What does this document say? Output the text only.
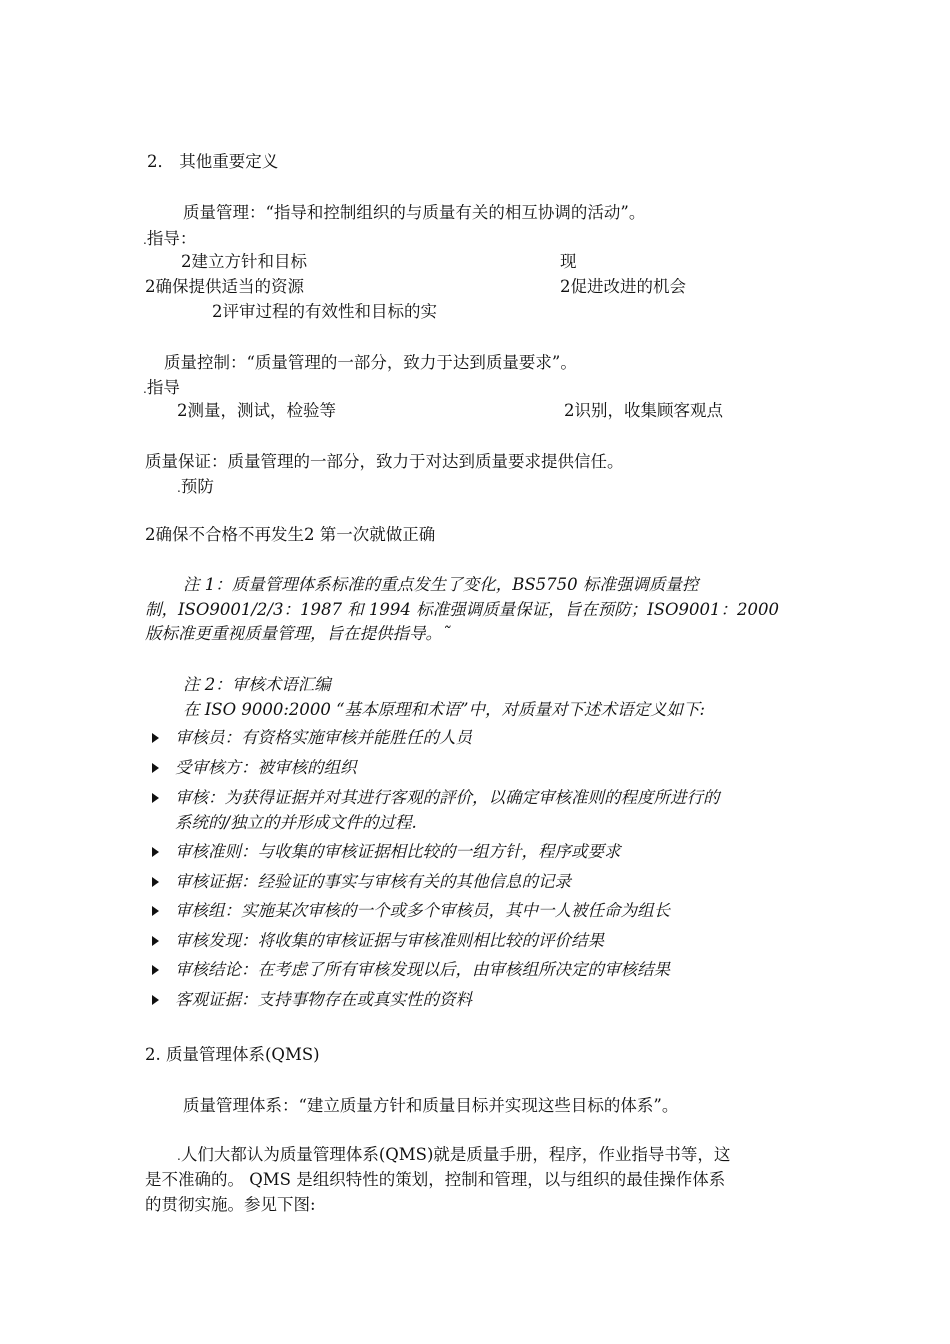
2． 其他重要定义
质量管理：“指导和控制组织的与质量有关的相互协调的活动”。
.指导：
2建立方针和目标	现
2确保提供适当的资源	2促进改进的机会
2评审过程的有效性和目标的实
质量控制：“质量管理的一部分，致力于达到质量要求”。
.指导
2测量，测试，检验等	2识别，收集顾客观点
质量保证：质量管理的一部分，致力于对达到质量要求提供信任。
.预防
2确保不合格不再发生2 第一次就做正确
注 1：质量管理体系标准的重点发生了变化，BS5750 标准强调质量控
制，ISO9001/2/3：1987 和 1994 标准强调质量保证，旨在预防；ISO9001：2000
版标准更重视质量管理，旨在提供指导。˜
注 2：审核术语汇编
在 ISO 9000:2000 “基本原理和术语”中，对质量对下述术语定义如下:
审核员：有资格实施审核并能胜任的人员
受审核方：被审核的组织
审核：为获得证据并对其进行客观的評价，以确定审核准则的程度所进行的
系统的/独立的并形成文件的过程.
审核准则：与收集的审核证据相比较的一组方针，程序或要求
审核证据：经验证的事实与审核有关的其他信息的记录
审核组：实施某次审核的一个或多个审核员，其中一人被任命为组长
审核发现：将收集的审核证据与审核准则相比较的评价结果
审核结论：在考虑了所有审核发现以后，由审核组所决定的审核结果
客观证据：支持事物存在或真实性的资料
2. 质量管理体系(QMS)
质量管理体系：“建立质量方针和质量目标并实现这些目标的体系”。
.人们大都认为质量管理体系(QMS)就是质量手册，程序，作业指导书等，这
是不准确的。 QMS 是组织特性的策划，控制和管理，以与组织的最佳操作体系
的贯彻实施。参见下图:
